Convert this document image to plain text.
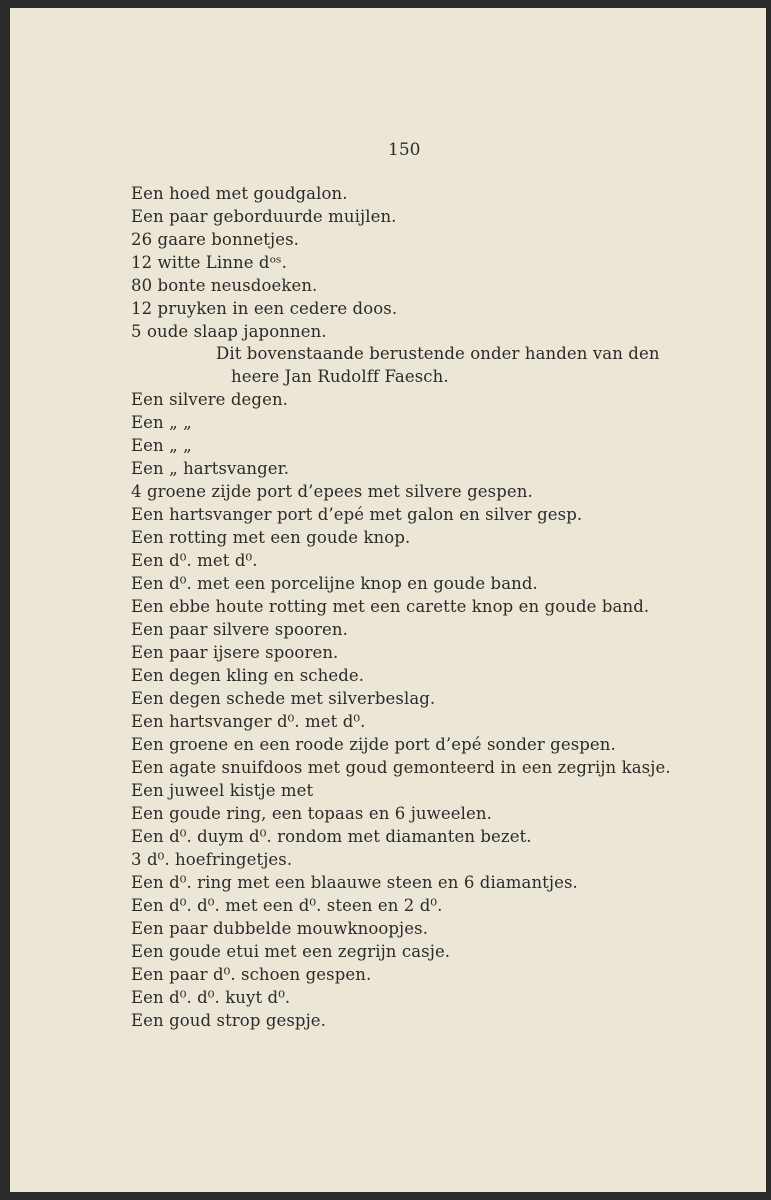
150
Een hoed met goudgalon.
Een paar geborduurde muijlen.
26 gaare bonnetjes.
12 witte Linne dᵒˢ.
80 bonte neusdoeken.
12 pruyken in een cedere doos.
5 oude slaap japonnen.
Dit bovenstaande berustende onder handen van den
heere Jan Rudolff Faesch.
Een silvere degen.
Een „ „
Een „ „
Een „ hartsvanger.
4 groene zijde port d’epees met silvere gespen.
Een hartsvanger port d’epé met galon en silver gesp.
Een rotting met een goude knop.
Een d⁰. met d⁰.
Een d⁰. met een porcelijne knop en goude band.
Een ebbe houte rotting met een carette knop en goude band.
Een paar silvere spooren.
Een paar ijsere spooren.
Een degen kling en schede.
Een degen schede met silverbeslag.
Een hartsvanger d⁰. met d⁰.
Een groene en een roode zijde port d’epé sonder gespen.
Een agate snuifdoos met goud gemonteerd in een zegrijn kasje.
Een juweel kistje met
Een goude ring, een topaas en 6 juweelen.
Een d⁰. duym d⁰. rondom met diamanten bezet.
3 d⁰. hoefringetjes.
Een d⁰. ring met een blaauwe steen en 6 diamantjes.
Een d⁰. d⁰. met een d⁰. steen en 2 d⁰.
Een paar dubbelde mouwknoopjes.
Een goude etui met een zegrijn casje.
Een paar d⁰. schoen gespen.
Een d⁰. d⁰. kuyt d⁰.
Een goud strop gespje.
